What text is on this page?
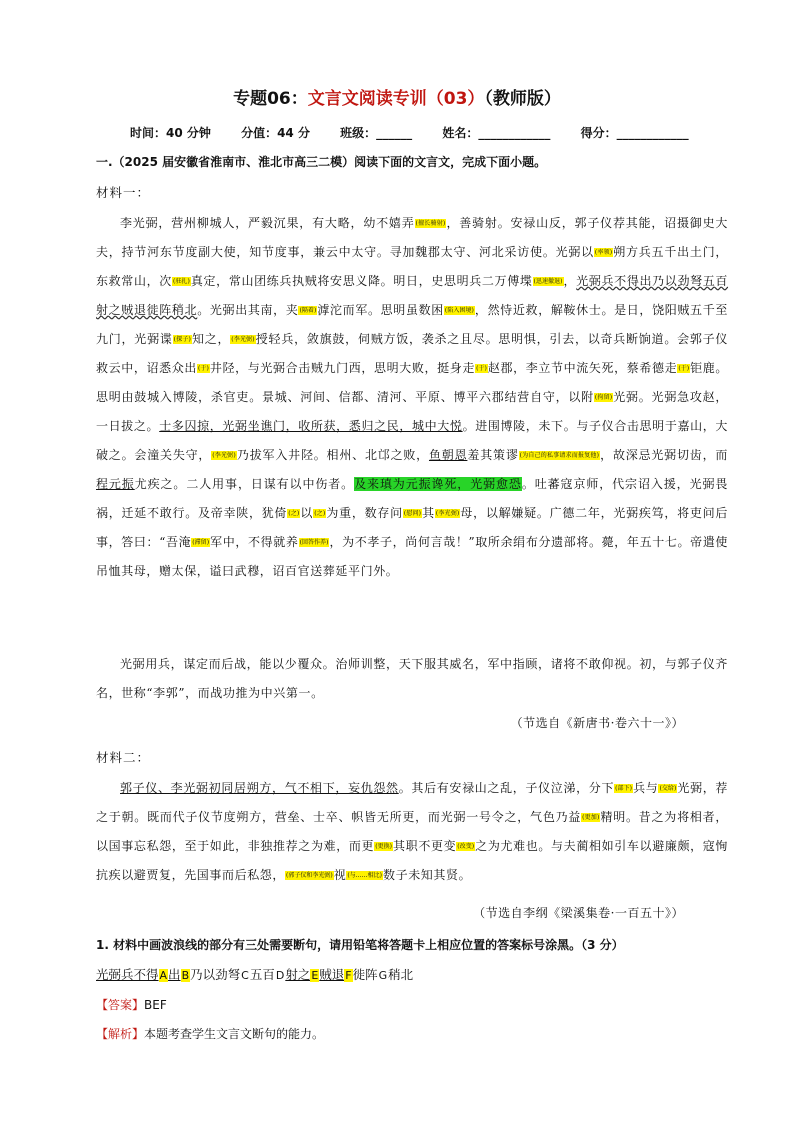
专题06：文言文阅读专训（03）（教师版）
时间：40 分钟	分值：44 分	班级：______	姓名：____________	得分：____________
一.（2025 届安徽省淮南市、淮北市高三二模）阅读下面的文言文，完成下面小题。
材料一：
李光弼，营州柳城人，严毅沉果，有大略，幼不嬉弄(擅长骑射)，善骑射。安禄山反，郭子仪荐其能，诏摄御史大夫，持节河东节度副大使，知节度事，兼云中太守。寻加魏郡太守、河北采访使。光弼以(率领)朔方兵五千出土门，东救常山，次(驻扎)真定，常山团练兵执贼将安思义降。明日，史思明兵二万傅堞(迅速撤退)，光弼兵不得出乃以劲弩五百射之贼退徙阵稍北。光弼出其南，夹(隔着)滹沱而军。思明虽数困(陷入困境)，然恃近救，解鞍休士。是日，饶阳贼五千至九门，光弼谍(探子)知之，(李光弼)授轻兵，敛旗鼓，伺贼方饭，袭杀之且尽。思明惧，引去，以奇兵断饷道。会郭子仪救云中，诏悉众出(于)井陉，与光弼合击贼九门西，思明大败，挺身走(于)赵郡，李立节中流矢死，蔡希德走(于)钜鹿。思明由鼓城入博陵，杀官吏。景城、河间、信都、清河、平原、博平六郡结营自守，以附(拘留)光弼。光弼急攻赵，一日拔之。士多囚掠，光弼坐谯门，收所获，悉归之民，城中大悦。进围博陵，未下。与子仪合击思明于嘉山，大破之。会潼关失守，(李光弼)乃拔军入井陉。相州、北邙之败，鱼朝恩羞其策谬(为自己的私事请求而报复他)，故深忌光弼切齿，而程元振尤疾之。二人用事，日谋有以中伤者。及来瑱为元振谗死，光弼愈恐。吐蕃寇京师，代宗诏入援，光弼畏祸，迁延不敢行。及帝幸陕，犹倚(之)以(之)为重，数存问(慰问)其(李光弼)母，以解嫌疑。广德二年，光弼疾笃，将吏问后事，答曰：“吾淹(滞留)军中，不得就养(回答作养)，为不孝子，尚何言哉！”取所余绢布分遗部将。薨，年五十七。帝遣使吊恤其母，赠太保，谥曰武穆，诏百官送葬延平门外。
光弼用兵，谋定而后战，能以少覆众。治师训整，天下服其威名，军中指顾，诸将不敢仰视。初，与郭子仪齐名，世称“李郭”，而战功推为中兴第一。
（节选自《新唐书·卷六十一》）
材料二：
郭子仪、李光弼初同居朔方，气不相下，妄仇怨然。其后有安禄山之乱，子仪泣涕，分下(部下)兵与(交给)光弼，荐之于朝。既而代子仪节度朔方，营垒、士卒、帜皆无所更，而光弼一号令之，气色乃益(更加)精明。昔之为将相者，以国事忘私怨，至于如此，非独推荐之为难，而更(更换)其职不更变(改变)之为尤难也。与夫蔺相如引车以避廉颇，寇恂抗疾以避贾复，先国事而后私怨，(郭子仪和李光弼)视(与……相比)数子未知其贤。
（节选自李纲《梁溪集卷·一百五十》）
1. 材料中画波浪线的部分有三处需要断句，请用铅笔将答题卡上相应位置的答案标号涂黑。（3 分）
光弼兵不得A出B乃以劲弩C五百D射之E贼退F徙阵G稍北
【答案】BEF
【解析】本题考查学生文言文断句的能力。
